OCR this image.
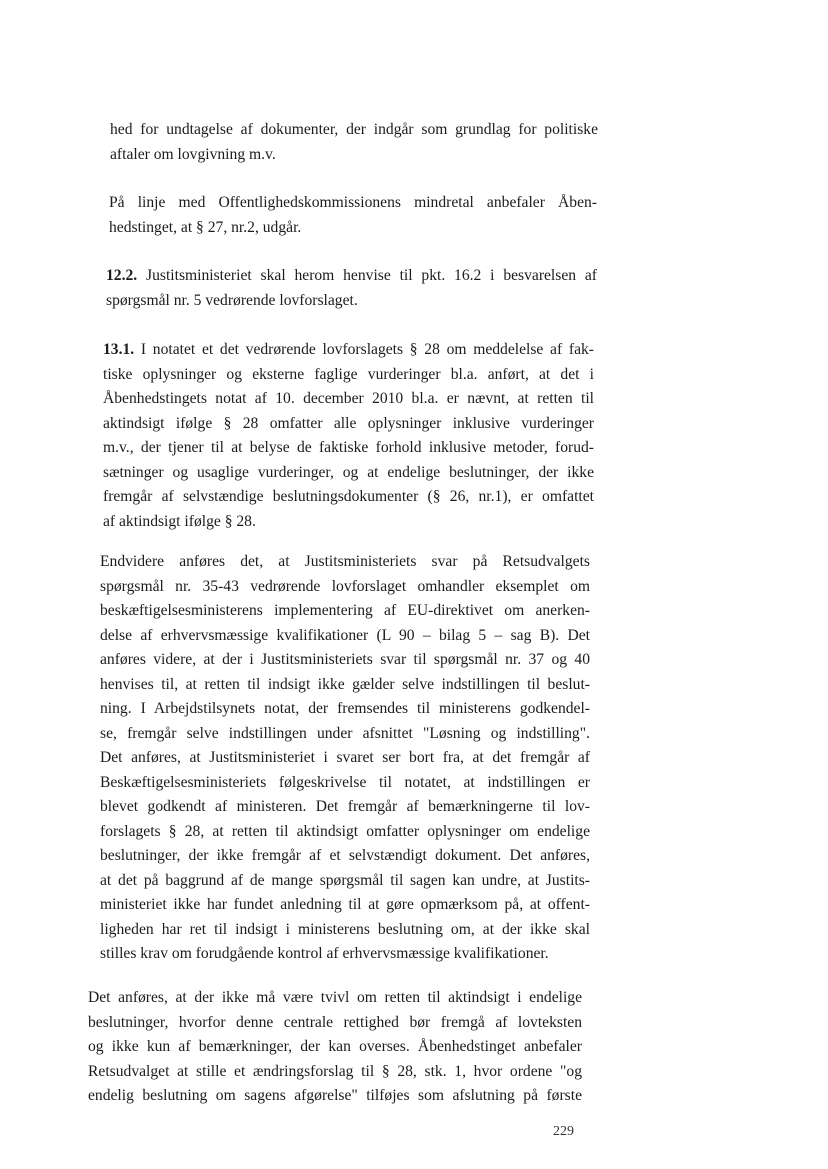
hed for undtagelse af dokumenter, der indgår som grundlag for politiske
aftaler om lovgivning m.v.
På linje med Offentlighedskommissionens mindretal anbefaler Åben-
hedstinget, at § 27, nr.2, udgår.
12.2. Justitsministeriet skal herom henvise til pkt. 16.2 i besvarelsen af
spørgsmål nr. 5 vedrørende lovforslaget.
13.1. I notatet et det vedrørende lovforslagets § 28 om meddelelse af fak-
tiske oplysninger og eksterne faglige vurderinger bl.a. anført, at det i
Åbenhedstingets notat af 10. december 2010 bl.a. er nævnt, at retten til
aktindsigt ifølge § 28 omfatter alle oplysninger inklusive vurderinger
m.v., der tjener til at belyse de faktiske forhold inklusive metoder, forud-
sætninger og usaglige vurderinger, og at endelige beslutninger, der ikke
fremgår af selvstændige beslutningsdokumenter (§ 26, nr.1), er omfattet
af aktindsigt ifølge § 28.
Endvidere anføres det, at Justitsministeriets svar på Retsudvalgets
spørgsmål nr. 35-43 vedrørende lovforslaget omhandler eksemplet om
beskæftigelsesministerens implementering af EU-direktivet om anerken-
delse af erhvervsmæssige kvalifikationer (L 90 – bilag 5 – sag B). Det
anføres videre, at der i Justitsministeriets svar til spørgsmål nr. 37 og 40
henvises til, at retten til indsigt ikke gælder selve indstillingen til beslut-
ning. I Arbejdstilsynets notat, der fremsendes til ministerens godkendel-
se, fremgår selve indstillingen under afsnittet "Løsning og indstilling".
Det anføres, at Justitsministeriet i svaret ser bort fra, at det fremgår af
Beskæftigelsesministeriets følgeskrivelse til notatet, at indstillingen er
blevet godkendt af ministeren. Det fremgår af bemærkningerne til lov-
forslagets § 28, at retten til aktindsigt omfatter oplysninger om endelige
beslutninger, der ikke fremgår af et selvstændigt dokument. Det anføres,
at det på baggrund af de mange spørgsmål til sagen kan undre, at Justits-
ministeriet ikke har fundet anledning til at gøre opmærksom på, at offent-
ligheden har ret til indsigt i ministerens beslutning om, at der ikke skal
stilles krav om forudgående kontrol af erhvervsmæssige kvalifikationer.
Det anføres, at der ikke må være tvivl om retten til aktindsigt i endelige
beslutninger, hvorfor denne centrale rettighed bør fremgå af lovteksten
og ikke kun af bemærkninger, der kan overses. Åbenhedstinget anbefaler
Retsudvalget at stille et ændringsforslag til § 28, stk. 1, hvor ordene "og
endelig beslutning om sagens afgørelse" tilføjes som afslutning på første
229
